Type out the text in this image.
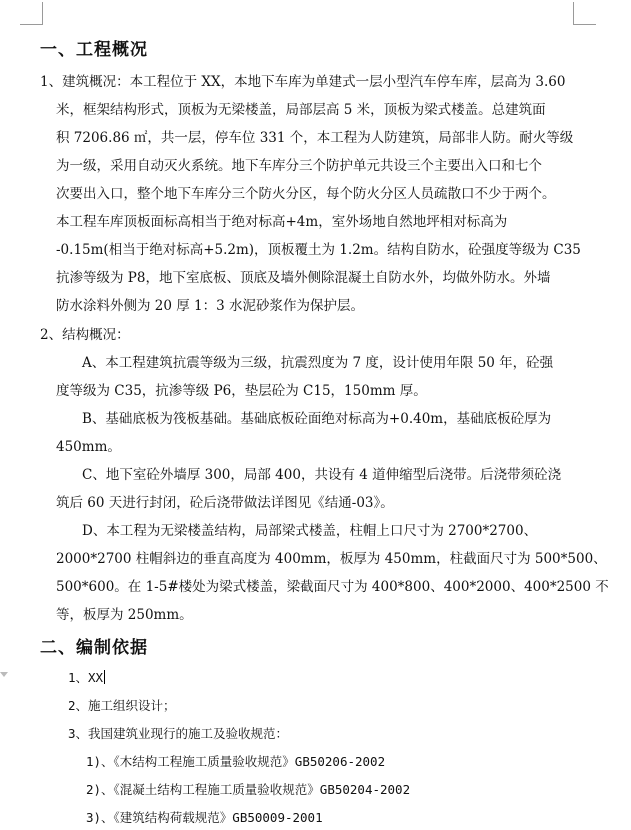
一、工程概况
1、建筑概况：本工程位于 XX，本地下车库为单建式一层小型汽车停车库，层高为 3.60
米，框架结构形式，顶板为无梁楼盖，局部层高 5 米，顶板为梁式楼盖。总建筑面
积 7206.86 ㎡，共一层，停车位 331 个，本工程为人防建筑，局部非人防。耐火等级
为一级，采用自动灭火系统。地下车库分三个防护单元共设三个主要出入口和七个
次要出入口，整个地下车库分三个防火分区，每个防火分区人员疏散口不少于两个。
本工程车库顶板面标高相当于绝对标高+4m，室外场地自然地坪相对标高为
-0.15m(相当于绝对标高+5.2m)，顶板覆土为 1.2m。结构自防水，砼强度等级为 C35
抗渗等级为 P8，地下室底板、顶底及墙外侧除混凝土自防水外，均做外防水。外墙
防水涂料外侧为 20 厚 1：3 水泥砂浆作为保护层。
2、结构概况：
A、本工程建筑抗震等级为三级，抗震烈度为 7 度，设计使用年限 50 年，砼强
度等级为 C35，抗渗等级 P6，垫层砼为 C15，150mm 厚。
B、基础底板为筏板基础。基础底板砼面绝对标高为+0.40m，基础底板砼厚为
450mm。
C、地下室砼外墙厚 300，局部 400，共设有 4 道伸缩型后浇带。后浇带须砼浇
筑后 60 天进行封闭，砼后浇带做法详图见《结通-03》。
D、本工程为无梁楼盖结构，局部梁式楼盖，柱帽上口尺寸为 2700*2700、
2000*2700 柱帽斜边的垂直高度为 400mm，板厚为 450mm，柱截面尺寸为 500*500、
500*600。在 1-5#楼处为梁式楼盖，梁截面尺寸为 400*800、400*2000、400*2500 不
等，板厚为 250mm。
二、编制依据
1、XX
2、施工组织设计；
3、我国建筑业现行的施工及验收规范：
1)、《木结构工程施工质量验收规范》GB50206-2002
2)、《混凝土结构工程施工质量验收规范》GB50204-2002
3)、《建筑结构荷载规范》GB50009-2001
